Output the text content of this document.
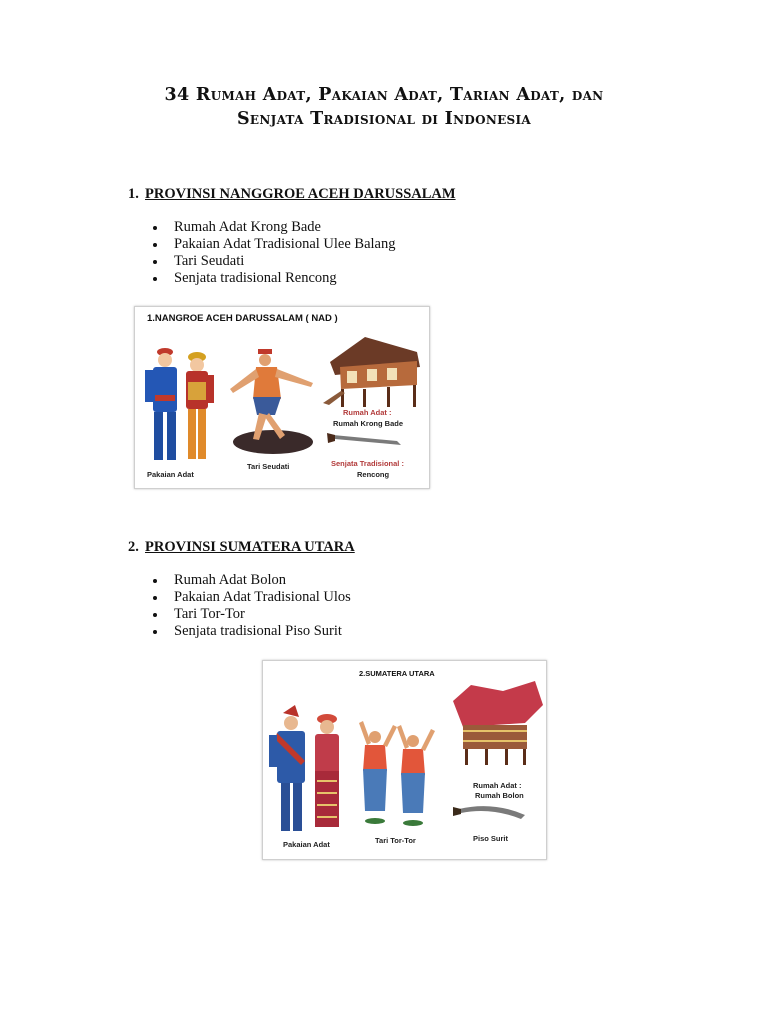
34 Rumah Adat, Pakaian Adat, Tarian Adat, dan
Senjata Tradisional di Indonesia
1. PROVINSI NANGGROE ACEH DARUSSALAM
Rumah Adat Krong Bade
Pakaian Adat Tradisional Ulee Balang
Tari Seudati
Senjata tradisional Rencong
1.NANGROE ACEH DARUSSALAM ( NAD )
Pakaian Adat
Tari Seudati
Rumah Adat :
Rumah Krong Bade
Senjata Tradisional :
Rencong
2. PROVINSI SUMATERA UTARA
Rumah Adat Bolon
Pakaian Adat Tradisional Ulos
Tari Tor-Tor
Senjata tradisional Piso Surit
2.SUMATERA UTARA
Pakaian Adat	Tari Tor-Tor
Rumah Adat :
Rumah Bolon
Piso Surit
